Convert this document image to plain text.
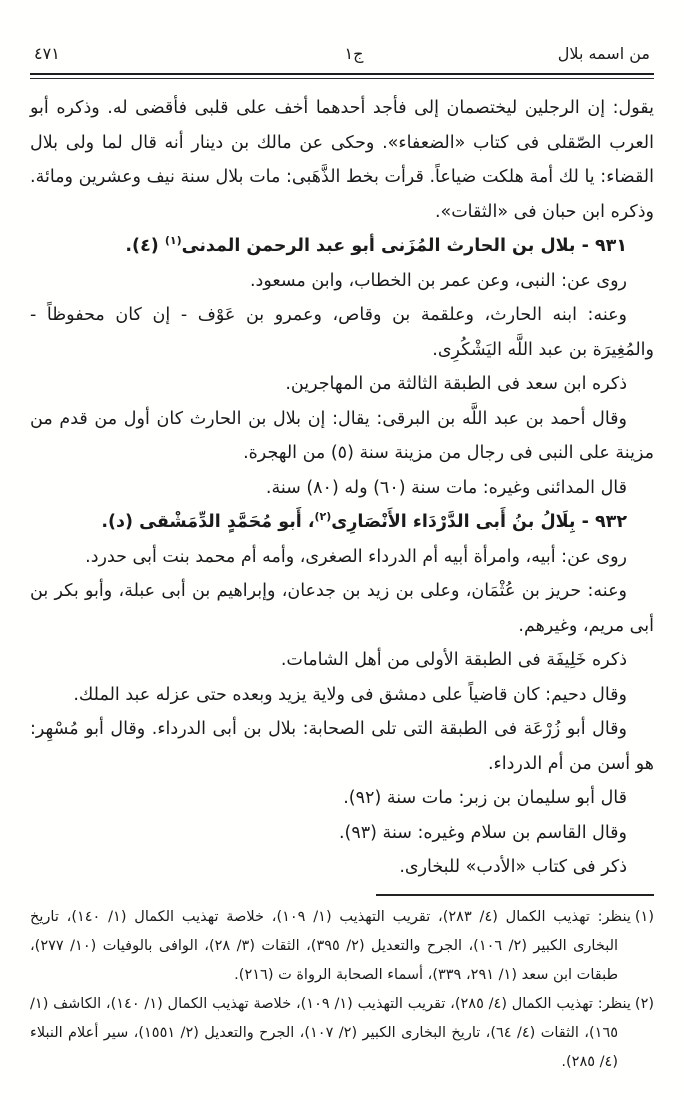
من اسمه بلال
ج١
٤٧١

يقول: إن الرجلين ليختصمان إلى فأجد أحدهما أخف على قلبى فأقضى له. وذكره أبو العرب الصّقلى فى كتاب «الضعفاء». وحكى عن مالك بن دينار أنه قال لما ولى بلال القضاء: يا لك أمة هلكت ضياعاً. قرأت بخط الذَّهَبى: مات بلال سنة نيف وعشرين ومائة. وذكره ابن حبان فى «الثقات».

٩٣١ - بلال بن الحارث المُزَنى أبو عبد الرحمن المدنى$^{(١)}$ (٤).

روى عن: النبى، وعن عمر بن الخطاب، وابن مسعود.

وعنه: ابنه الحارث، وعلقمة بن وقاص، وعمرو بن عَوْف - إن كان محفوظاً - والمُغِيرَة بن عبد اللَّه اليَشْكُرِى.

ذكره ابن سعد فى الطبقة الثالثة من المهاجرين.

وقال أحمد بن عبد اللَّه بن البرقى: يقال: إن بلال بن الحارث كان أول من قدم من مزينة على النبى فى رجال من مزينة سنة (٥) من الهجرة.

قال المدائنى وغيره: مات سنة (٦٠) وله (٨٠) سنة.

٩٣٢ - بِلَالُ بنُ أَبى الدَّرْدَاء الأَنْصَارِى$^{(٢)}$، أَبو مُحَمَّدٍ الدِّمَشْقى (د).

روى عن: أبيه، وامرأة أبيه أم الدرداء الصغرى، وأمه أم محمد بنت أبى حدرد.

وعنه: حريز بن عُثْمَان، وعلى بن زيد بن جدعان، وإبراهيم بن أبى عبلة، وأبو بكر بن أبى مريم، وغيرهم.

ذكره خَلِيفَة فى الطبقة الأولى من أهل الشامات.

وقال دحيم: كان قاضياً على دمشق فى ولاية يزيد وبعده حتى عزله عبد الملك.

وقال أبو زُرْعَة فى الطبقة التى تلى الصحابة: بلال بن أبى الدرداء. وقال أبو مُسْهِر: هو أسن من أم الدرداء.

قال أبو سليمان بن زبر: مات سنة (٩٢).

وقال القاسم بن سلام وغيره: سنة (٩٣).

ذكر فى كتاب «الأدب» للبخارى.

(١)ينظر: تهذيب الكمال (٤/ ٢٨٣)، تقريب التهذيب (١/ ١٠٩)، خلاصة تهذيب الكمال (١/ ١٤٠)، تاريخ البخارى الكبير (٢/ ١٠٦)، الجرح والتعديل (٢/ ٣٩٥)، الثقات (٣/ ٢٨)، الوافى بالوفيات (١٠/ ٢٧٧)، طبقات ابن سعد (١/ ٢٩١، ٣٣٩)، أسماء الصحابة الرواة ت (٢١٦).

(٢)ينظر: تهذيب الكمال (٤/ ٢٨٥)، تقريب التهذيب (١/ ١٠٩)، خلاصة تهذيب الكمال (١/ ١٤٠)، الكاشف (١/ ١٦٥)، الثقات (٤/ ٦٤)، تاريخ البخارى الكبير (٢/ ١٠٧)، الجرح والتعديل (٢/ ١٥٥١)، سير أعلام النبلاء (٤/ ٢٨٥).
